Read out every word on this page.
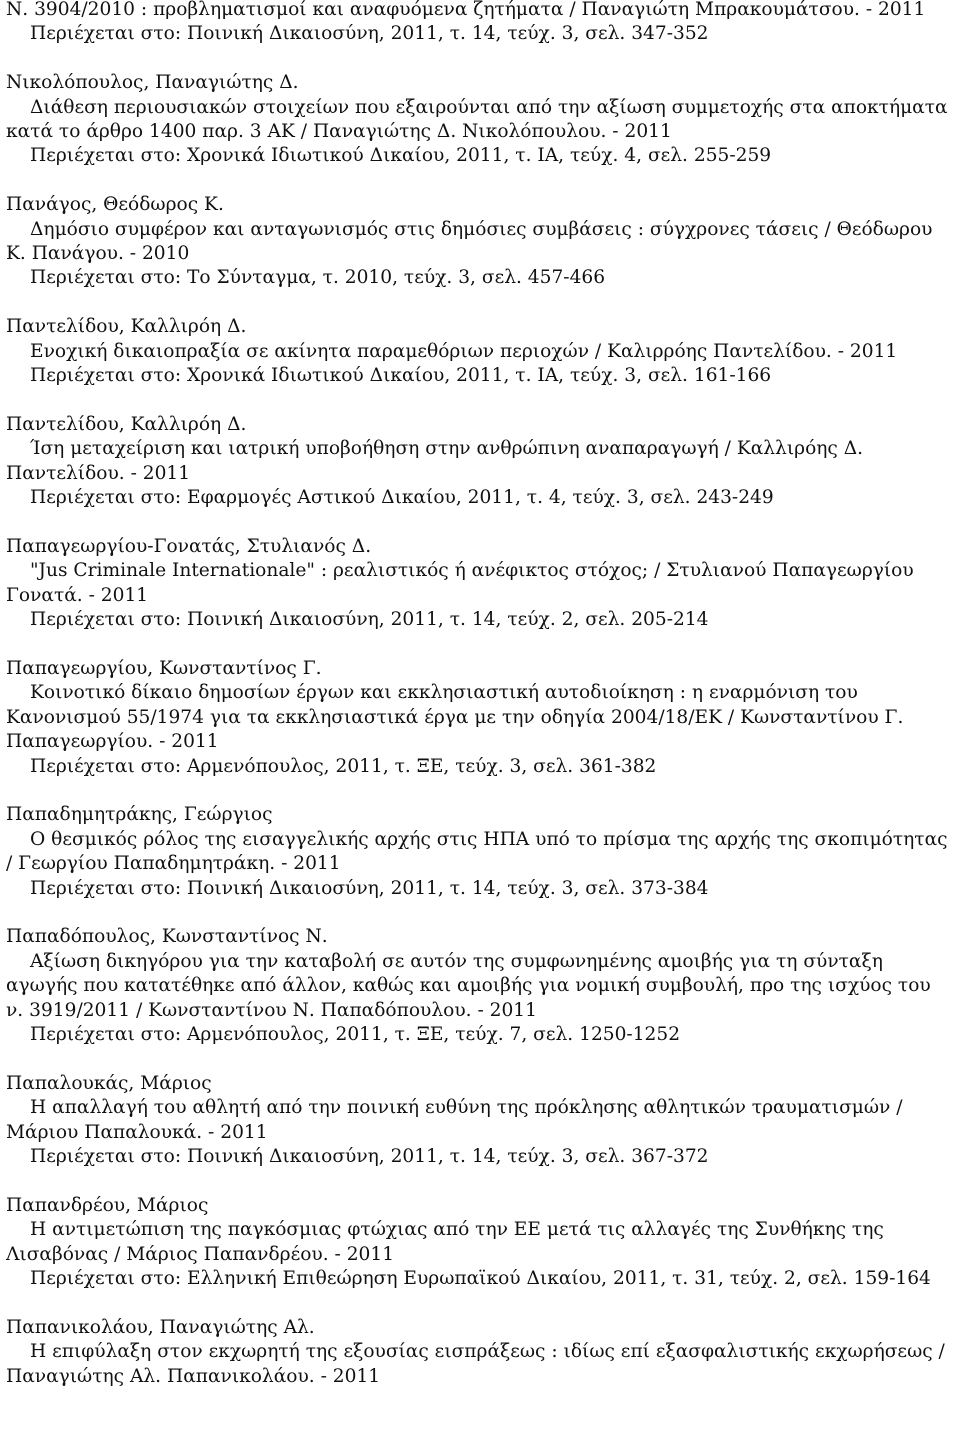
Ν. 3904/2010 : προβληματισμοί και αναφυόμενα ζητήματα / Παναγιώτη Μπρακουμάτσου. - 2011
Περιέχεται στο: Ποινική Δικαιοσύνη, 2011, τ. 14, τεύχ. 3, σελ. 347-352
Νικολόπουλος, Παναγιώτης Δ.
Διάθεση περιουσιακών στοιχείων που εξαιρούνται από την αξίωση συμμετοχής στα αποκτήματα κατά το άρθρο 1400 παρ. 3 ΑΚ / Παναγιώτης Δ. Νικολόπουλου. - 2011
Περιέχεται στο: Χρονικά Ιδιωτικού Δικαίου, 2011, τ. ΙΑ, τεύχ. 4, σελ. 255-259
Πανάγος, Θεόδωρος Κ.
Δημόσιο συμφέρον και ανταγωνισμός στις δημόσιες συμβάσεις : σύγχρονες τάσεις / Θεόδωρου Κ. Πανάγου. - 2010
Περιέχεται στο: Το Σύνταγμα, τ. 2010, τεύχ. 3, σελ. 457-466
Παντελίδου, Καλλιρόη Δ.
Ενοχική δικαιοπραξία σε ακίνητα παραμεθόριων περιοχών / Καλιρρόης Παντελίδου. - 2011
Περιέχεται στο: Χρονικά Ιδιωτικού Δικαίου, 2011, τ. ΙΑ, τεύχ. 3, σελ. 161-166
Παντελίδου, Καλλιρόη Δ.
Ίση μεταχείριση και ιατρική υποβοήθηση στην ανθρώπινη αναπαραγωγή / Καλλιρόης Δ. Παντελίδου. - 2011
Περιέχεται στο: Εφαρμογές Αστικού Δικαίου, 2011, τ. 4, τεύχ. 3, σελ. 243-249
Παπαγεωργίου-Γονατάς, Στυλιανός Δ.
"Jus Criminale Internationale" : ρεαλιστικός ή ανέφικτος στόχος; / Στυλιανού Παπαγεωργίου Γονατά. - 2011
Περιέχεται στο: Ποινική Δικαιοσύνη, 2011, τ. 14, τεύχ. 2, σελ. 205-214
Παπαγεωργίου, Κωνσταντίνος Γ.
Κοινοτικό δίκαιο δημοσίων έργων και εκκλησιαστική αυτοδιοίκηση : η εναρμόνιση του Κανονισμού 55/1974 για τα εκκλησιαστικά έργα με την οδηγία 2004/18/ΕΚ / Κωνσταντίνου Γ. Παπαγεωργίου. - 2011
Περιέχεται στο: Αρμενόπουλος, 2011, τ. ΞΕ, τεύχ. 3, σελ. 361-382
Παπαδημητράκης, Γεώργιος
Ο θεσμικός ρόλος της εισαγγελικής αρχής στις ΗΠΑ υπό το πρίσμα της αρχής της σκοπιμότητας / Γεωργίου Παπαδημητράκη. - 2011
Περιέχεται στο: Ποινική Δικαιοσύνη, 2011, τ. 14, τεύχ. 3, σελ. 373-384
Παπαδόπουλος, Κωνσταντίνος Ν.
Αξίωση δικηγόρου για την καταβολή σε αυτόν της συμφωνημένης αμοιβής για τη σύνταξη αγωγής που κατατέθηκε από άλλον, καθώς και αμοιβής για νομική συμβουλή, προ της ισχύος του ν. 3919/2011 / Κωνσταντίνου Ν. Παπαδόπουλου. - 2011
Περιέχεται στο: Αρμενόπουλος, 2011, τ. ΞΕ, τεύχ. 7, σελ. 1250-1252
Παπαλουκάς, Μάριος
Η απαλλαγή του αθλητή από την ποινική ευθύνη της πρόκλησης αθλητικών τραυματισμών / Μάριου Παπαλουκά. - 2011
Περιέχεται στο: Ποινική Δικαιοσύνη, 2011, τ. 14, τεύχ. 3, σελ. 367-372
Παπανδρέου, Μάριος
Η αντιμετώπιση της παγκόσμιας φτώχιας από την ΕΕ μετά τις αλλαγές της Συνθήκης της Λισαβόνας / Μάριος Παπανδρέου. - 2011
Περιέχεται στο: Ελληνική Επιθεώρηση Ευρωπαϊκού Δικαίου, 2011, τ. 31, τεύχ. 2, σελ. 159-164
Παπανικολάου, Παναγιώτης Αλ.
Η επιφύλαξη στον εκχωρητή της εξουσίας εισπράξεως : ιδίως επί εξασφαλιστικής εκχωρήσεως / Παναγιώτης Αλ. Παπανικολάου. - 2011
